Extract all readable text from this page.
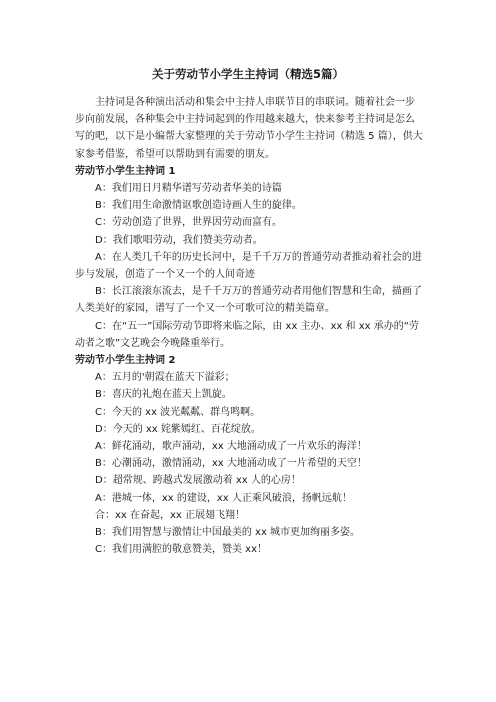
关于劳动节小学生主持词（精选5篇）

主持词是各种演出活动和集会中主持人串联节目的串联词。随着社会一步步向前发展，各种集会中主持词起到的作用越来越大，快来参考主持词是怎么写的吧，以下是小编帮大家整理的关于劳动节小学生主持词（精选 5 篇），供大家参考借鉴，希望可以帮助到有需要的朋友。

劳动节小学生主持词 1

A：我们用日月精华谱写劳动者华美的诗篇

B：我们用生命激情讴歌创造诗画人生的旋律。

C：劳动创造了世界，世界因劳动而富有。

D：我们歌唱劳动，我们赞美劳动者。

A：在人类几千年的历史长河中，是千千万万的普通劳动者推动着社会的进步与发展，创造了一个又一个的人间奇迹

B：长江滚滚东流去，是千千万万的普通劳动者用他们智慧和生命，描画了人类美好的家园，谱写了一个又一个可歌可泣的精美篇章。

C：在“五一”国际劳动节即将来临之际，由 xx 主办、xx 和 xx 承办的“劳动者之歌”文艺晚会今晚隆重举行。

劳动节小学生主持词 2

A：五月的'朝霞在蓝天下溢彩；

B：喜庆的礼炮在蓝天上凯旋。

C：今天的 xx 波光粼粼、群鸟鸣啊。

D：今天的 xx 姹紫嫣红、百花绽放。

A：鲜花涌动，歌声涌动，xx 大地涌动成了一片欢乐的海洋！

B：心潮涌动，激情涌动，xx 大地涌动成了一片希望的天空！

D：超常规、跨越式发展激动着 xx 人的心房！

A：港城一体，xx 的建设，xx 人正乘风破浪，扬帆远航！

合：xx 在奋起，xx 正展翅飞翔！

B：我们用智慧与激情让中国最美的 xx 城市更加绚丽多姿。

C：我们用满腔的敬意赞美，赞美 xx！
